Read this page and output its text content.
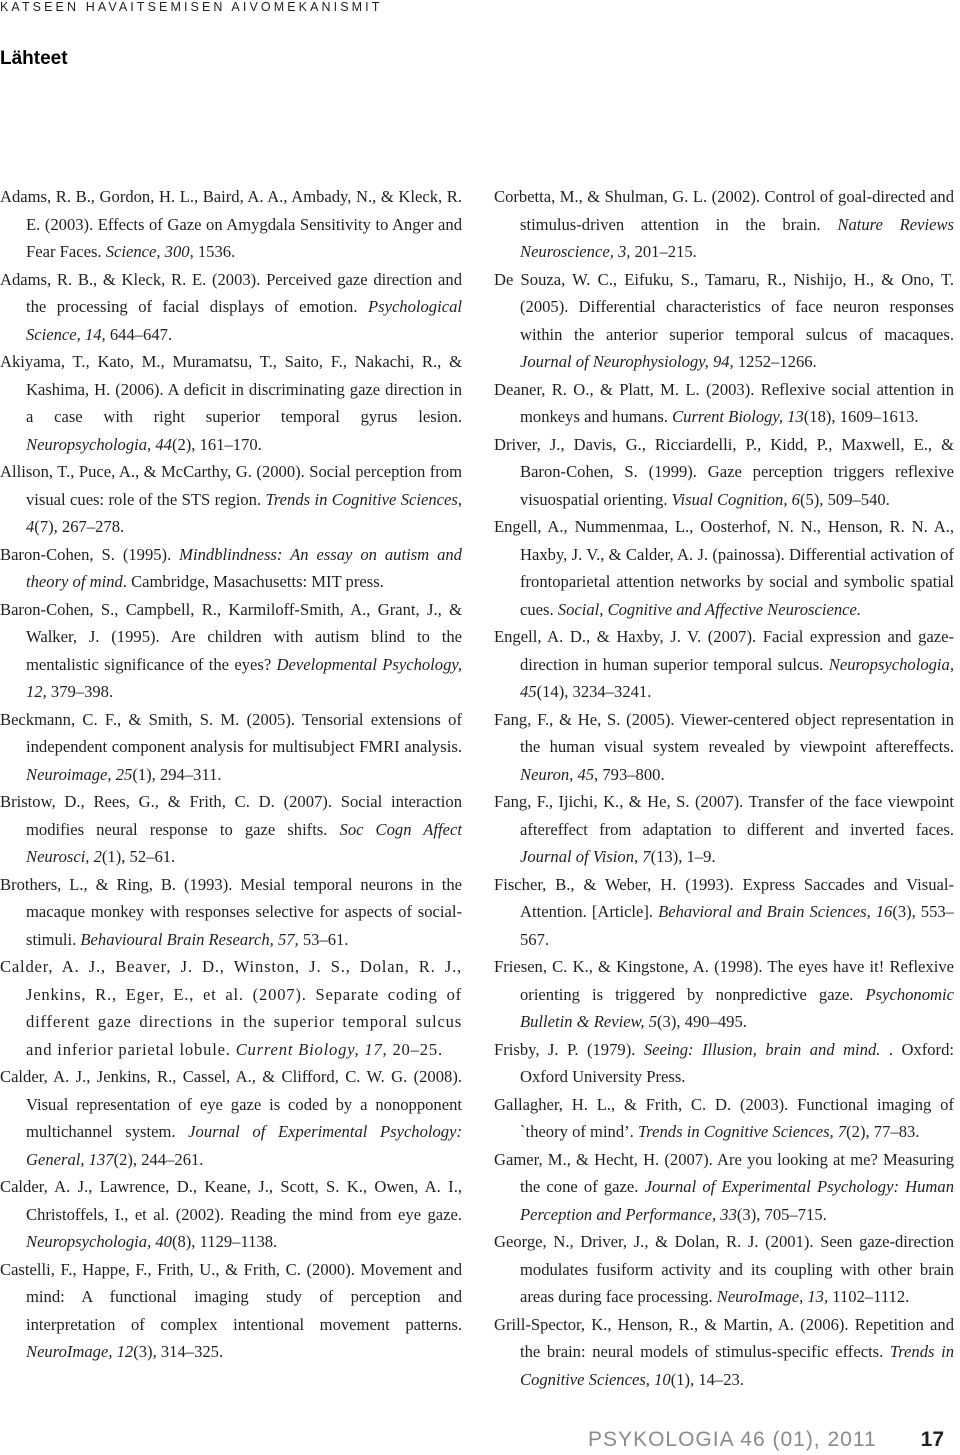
KATSEEN HAVAITSEMISEN AIVOMEKANISMIT
Lähteet

Adams, R. B., Gordon, H. L., Baird, A. A., Ambady, N., & Kleck, R. E. (2003). Effects of Gaze on Amygdala Sensitivity to Anger and Fear Faces. Science, 300, 1536.

Adams, R. B., & Kleck, R. E. (2003). Perceived gaze direction and the processing of facial displays of emotion. Psychological Science, 14, 644–647.

Akiyama, T., Kato, M., Muramatsu, T., Saito, F., Nakachi, R., & Kashima, H. (2006). A deficit in discriminating gaze direction in a case with right superior temporal gyrus lesion. Neuropsychologia, 44(2), 161–170.

Allison, T., Puce, A., & McCarthy, G. (2000). Social perception from visual cues: role of the STS region. Trends in Cognitive Sciences, 4(7), 267–278.

Baron-Cohen, S. (1995). Mindblindness: An essay on autism and theory of mind. Cambridge, Masachusetts: MIT press.

Baron-Cohen, S., Campbell, R., Karmiloff-Smith, A., Grant, J., & Walker, J. (1995). Are children with autism blind to the mentalistic significance of the eyes? Developmental Psychology, 12, 379–398.

Beckmann, C. F., & Smith, S. M. (2005). Tensorial extensions of independent component analysis for multisubject FMRI analysis. Neuroimage, 25(1), 294–311.

Bristow, D., Rees, G., & Frith, C. D. (2007). Social interaction modifies neural response to gaze shifts. Soc Cogn Affect Neurosci, 2(1), 52–61.

Brothers, L., & Ring, B. (1993). Mesial temporal neurons in the macaque monkey with responses selective for aspects of social-stimuli. Behavioural Brain Research, 57, 53–61.

Calder, A. J., Beaver, J. D., Winston, J. S., Dolan, R. J., Jenkins, R., Eger, E., et al. (2007). Separate coding of different gaze directions in the superior temporal sulcus and inferior parietal lobule. Current Biology, 17, 20–25.

Calder, A. J., Jenkins, R., Cassel, A., & Clifford, C. W. G. (2008). Visual representation of eye gaze is coded by a nonopponent multichannel system. Journal of Experimental Psychology: General, 137(2), 244–261.

Calder, A. J., Lawrence, D., Keane, J., Scott, S. K., Owen, A. I., Christoffels, I., et al. (2002). Reading the mind from eye gaze. Neuropsychologia, 40(8), 1129–1138.

Castelli, F., Happe, F., Frith, U., & Frith, C. (2000). Movement and mind: A functional imaging study of perception and interpretation of complex intentional movement patterns. NeuroImage, 12(3), 314–325.

Corbetta, M., & Shulman, G. L. (2002). Control of goal-directed and stimulus-driven attention in the brain. Nature Reviews Neuroscience, 3, 201–215.

De Souza, W. C., Eifuku, S., Tamaru, R., Nishijo, H., & Ono, T. (2005). Differential characteristics of face neuron responses within the anterior superior temporal sulcus of macaques. Journal of Neurophysiology, 94, 1252–1266.

Deaner, R. O., & Platt, M. L. (2003). Reflexive social attention in monkeys and humans. Current Biology, 13(18), 1609–1613.

Driver, J., Davis, G., Ricciardelli, P., Kidd, P., Maxwell, E., & Baron-Cohen, S. (1999). Gaze perception triggers reflexive visuospatial orienting. Visual Cognition, 6(5), 509–540.

Engell, A., Nummenmaa, L., Oosterhof, N. N., Henson, R. N. A., Haxby, J. V., & Calder, A. J. (painossa). Differential activation of frontoparietal attention networks by social and symbolic spatial cues. Social, Cognitive and Affective Neuroscience.

Engell, A. D., & Haxby, J. V. (2007). Facial expression and gaze-direction in human superior temporal sulcus. Neuropsychologia, 45(14), 3234–3241.

Fang, F., & He, S. (2005). Viewer-centered object representation in the human visual system revealed by viewpoint aftereffects. Neuron, 45, 793–800.

Fang, F., Ijichi, K., & He, S. (2007). Transfer of the face viewpoint aftereffect from adaptation to different and inverted faces. Journal of Vision, 7(13), 1–9.

Fischer, B., & Weber, H. (1993). Express Saccades and Visual-Attention. [Article]. Behavioral and Brain Sciences, 16(3), 553–567.

Friesen, C. K., & Kingstone, A. (1998). The eyes have it! Reflexive orienting is triggered by nonpredictive gaze. Psychonomic Bulletin & Review, 5(3), 490–495.

Frisby, J. P. (1979). Seeing: Illusion, brain and mind. . Oxford: Oxford University Press.

Gallagher, H. L., & Frith, C. D. (2003). Functional imaging of `theory of mind’. Trends in Cognitive Sciences, 7(2), 77–83.

Gamer, M., & Hecht, H. (2007). Are you looking at me? Measuring the cone of gaze. Journal of Experimental Psychology: Human Perception and Performance, 33(3), 705–715.

George, N., Driver, J., & Dolan, R. J. (2001). Seen gaze-direction modulates fusiform activity and its coupling with other brain areas during face processing. NeuroImage, 13, 1102–1112.

Grill-Spector, K., Henson, R., & Martin, A. (2006). Repetition and the brain: neural models of stimulus-specific effects. Trends in Cognitive Sciences, 10(1), 14–23.

PSYKOLOGIA 46 (01), 2011 17
